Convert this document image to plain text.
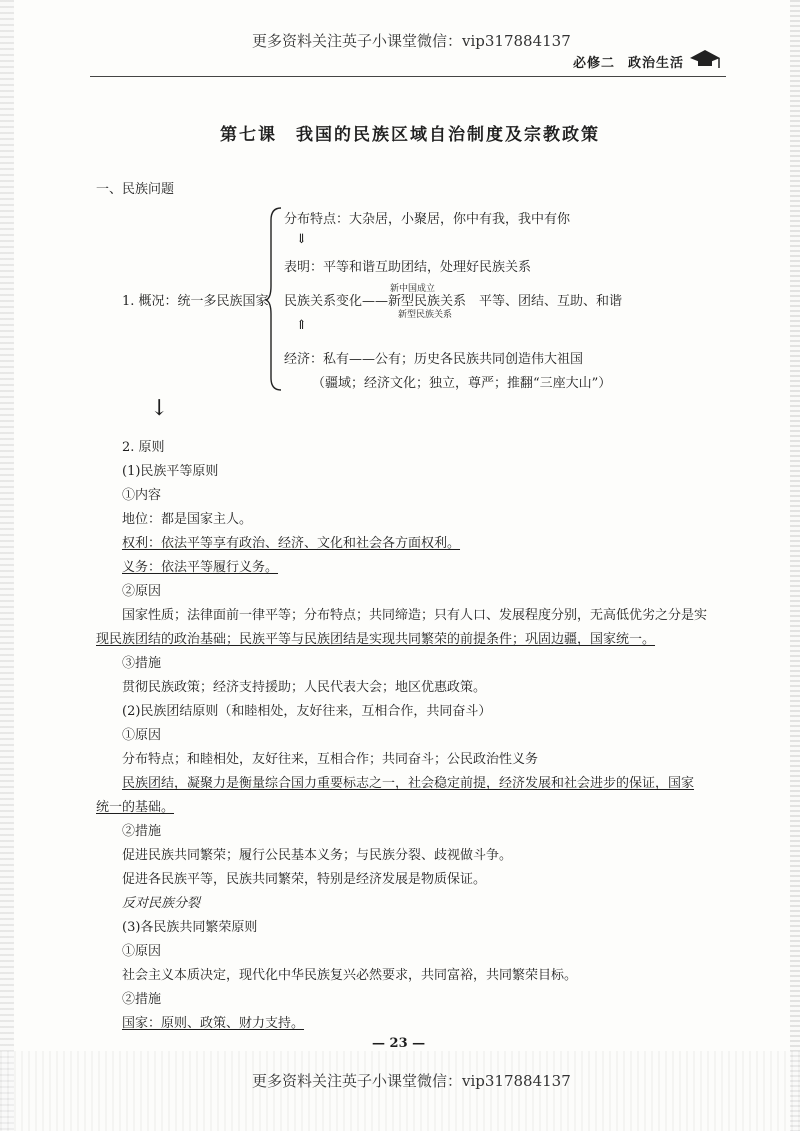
更多资料关注英子小课堂微信：vip317884137
必修二 政治生活
第七课　我国的民族区域自治制度及宗教政策
一、民族问题
1. 概况：统一多民族国家
分布特点：大杂居，小聚居，你中有我，我中有你
⇓
表明：平等和谐互助团结，处理好民族关系
新中国成立
民族关系变化——新型民族关系　平等、团结、互助、和谐
新型民族关系
⇑
经济：私有——公有；历史各民族共同创造伟大祖国
（疆域；经济文化；独立，尊严；推翻“三座大山”）
↓
2. 原则
(1)民族平等原则
①内容
地位：都是国家主人。
权利：依法平等享有政治、经济、文化和社会各方面权利。
义务：依法平等履行义务。
②原因
国家性质；法律面前一律平等；分布特点；共同缔造；只有人口、发展程度分别，无高低优劣之分是实
现民族团结的政治基础；民族平等与民族团结是实现共同繁荣的前提条件；巩固边疆，国家统一。
③措施
贯彻民族政策；经济支持援助；人民代表大会；地区优惠政策。
(2)民族团结原则（和睦相处，友好往来，互相合作，共同奋斗）
①原因
分布特点；和睦相处，友好往来，互相合作；共同奋斗；公民政治性义务
民族团结，凝聚力是衡量综合国力重要标志之一，社会稳定前提，经济发展和社会进步的保证，国家
统一的基础。
②措施
促进民族共同繁荣；履行公民基本义务；与民族分裂、歧视做斗争。
促进各民族平等，民族共同繁荣，特别是经济发展是物质保证。
反对民族分裂
(3)各民族共同繁荣原则
①原因
社会主义本质决定，现代化中华民族复兴必然要求，共同富裕，共同繁荣目标。
②措施
国家：原则、政策、财力支持。
— 23 —
更多资料关注英子小课堂微信：vip317884137
